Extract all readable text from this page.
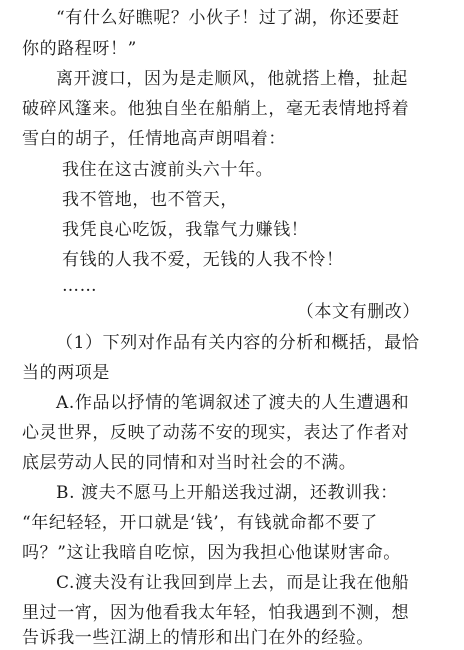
“有什么好瞧呢？小伙子！过了湖，你还要赶
你的路程呀！”
离开渡口，因为是走顺风，他就搭上橹，扯起
破碎风篷来。他独自坐在船艄上，毫无表情地捋着
雪白的胡子，任情地高声朗唱着：
我住在这古渡前头六十年。
我不管地，也不管天，
我凭良心吃饭，我靠气力赚钱！
有钱的人我不爱，无钱的人我不怜！
……
（本文有删改）
（1）下列对作品有关内容的分析和概括，最恰
当的两项是
A.作品以抒情的笔调叙述了渡夫的人生遭遇和
心灵世界，反映了动荡不安的现实，表达了作者对
底层劳动人民的同情和对当时社会的不满。
B. 渡夫不愿马上开船送我过湖，还教训我：
“年纪轻轻，开口就是‘钱’，有钱就命都不要了
吗？”这让我暗自吃惊，因为我担心他谋财害命。
C.渡夫没有让我回到岸上去，而是让我在他船
里过一宵，因为他看我太年轻，怕我遇到不测，想
告诉我一些江湖上的情形和出门在外的经验。
